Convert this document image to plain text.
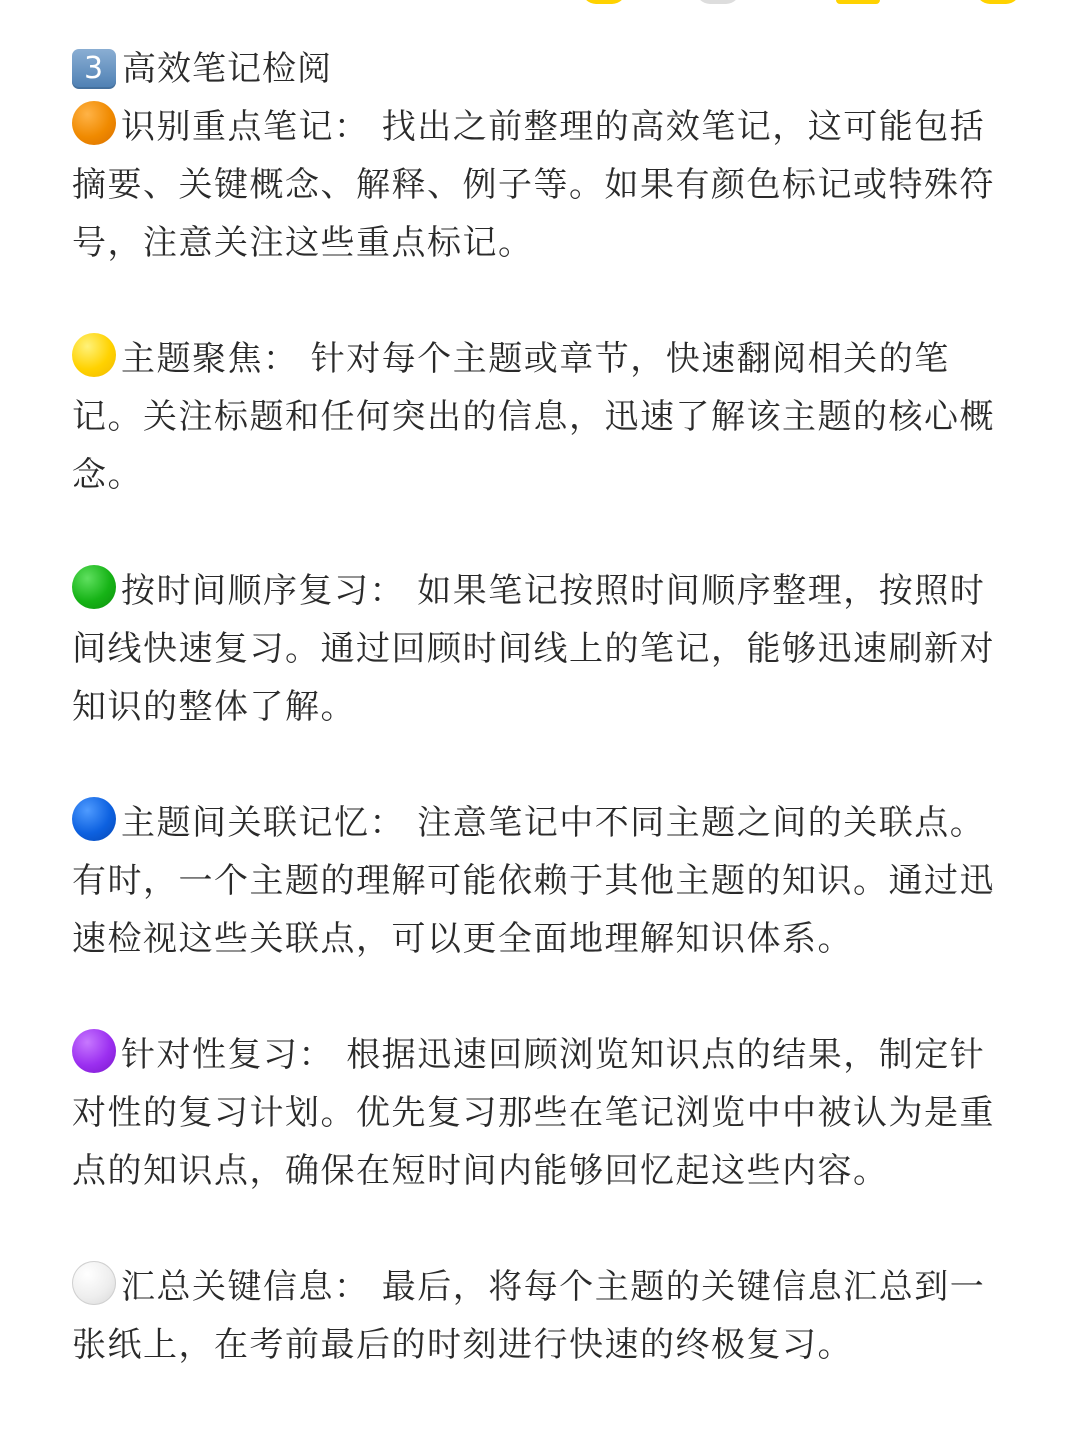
3 高效笔记检阅

识别重点笔记： 找出之前整理的高效笔记，这可能包括摘要、关键概念、解释、例子等。如果有颜色标记或特殊符号，注意关注这些重点标记。

主题聚焦： 针对每个主题或章节，快速翻阅相关的笔记。关注标题和任何突出的信息，迅速了解该主题的核心概念。

按时间顺序复习： 如果笔记按照时间顺序整理，按照时间线快速复习。通过回顾时间线上的笔记，能够迅速刷新对知识的整体了解。

主题间关联记忆： 注意笔记中不同主题之间的关联点。有时，一个主题的理解可能依赖于其他主题的知识。通过迅速检视这些关联点，可以更全面地理解知识体系。

针对性复习： 根据迅速回顾浏览知识点的结果，制定针对性的复习计划。优先复习那些在笔记浏览中中被认为是重点的知识点，确保在短时间内能够回忆起这些内容。

汇总关键信息： 最后，将每个主题的关键信息汇总到一张纸上，在考前最后的时刻进行快速的终极复习。
